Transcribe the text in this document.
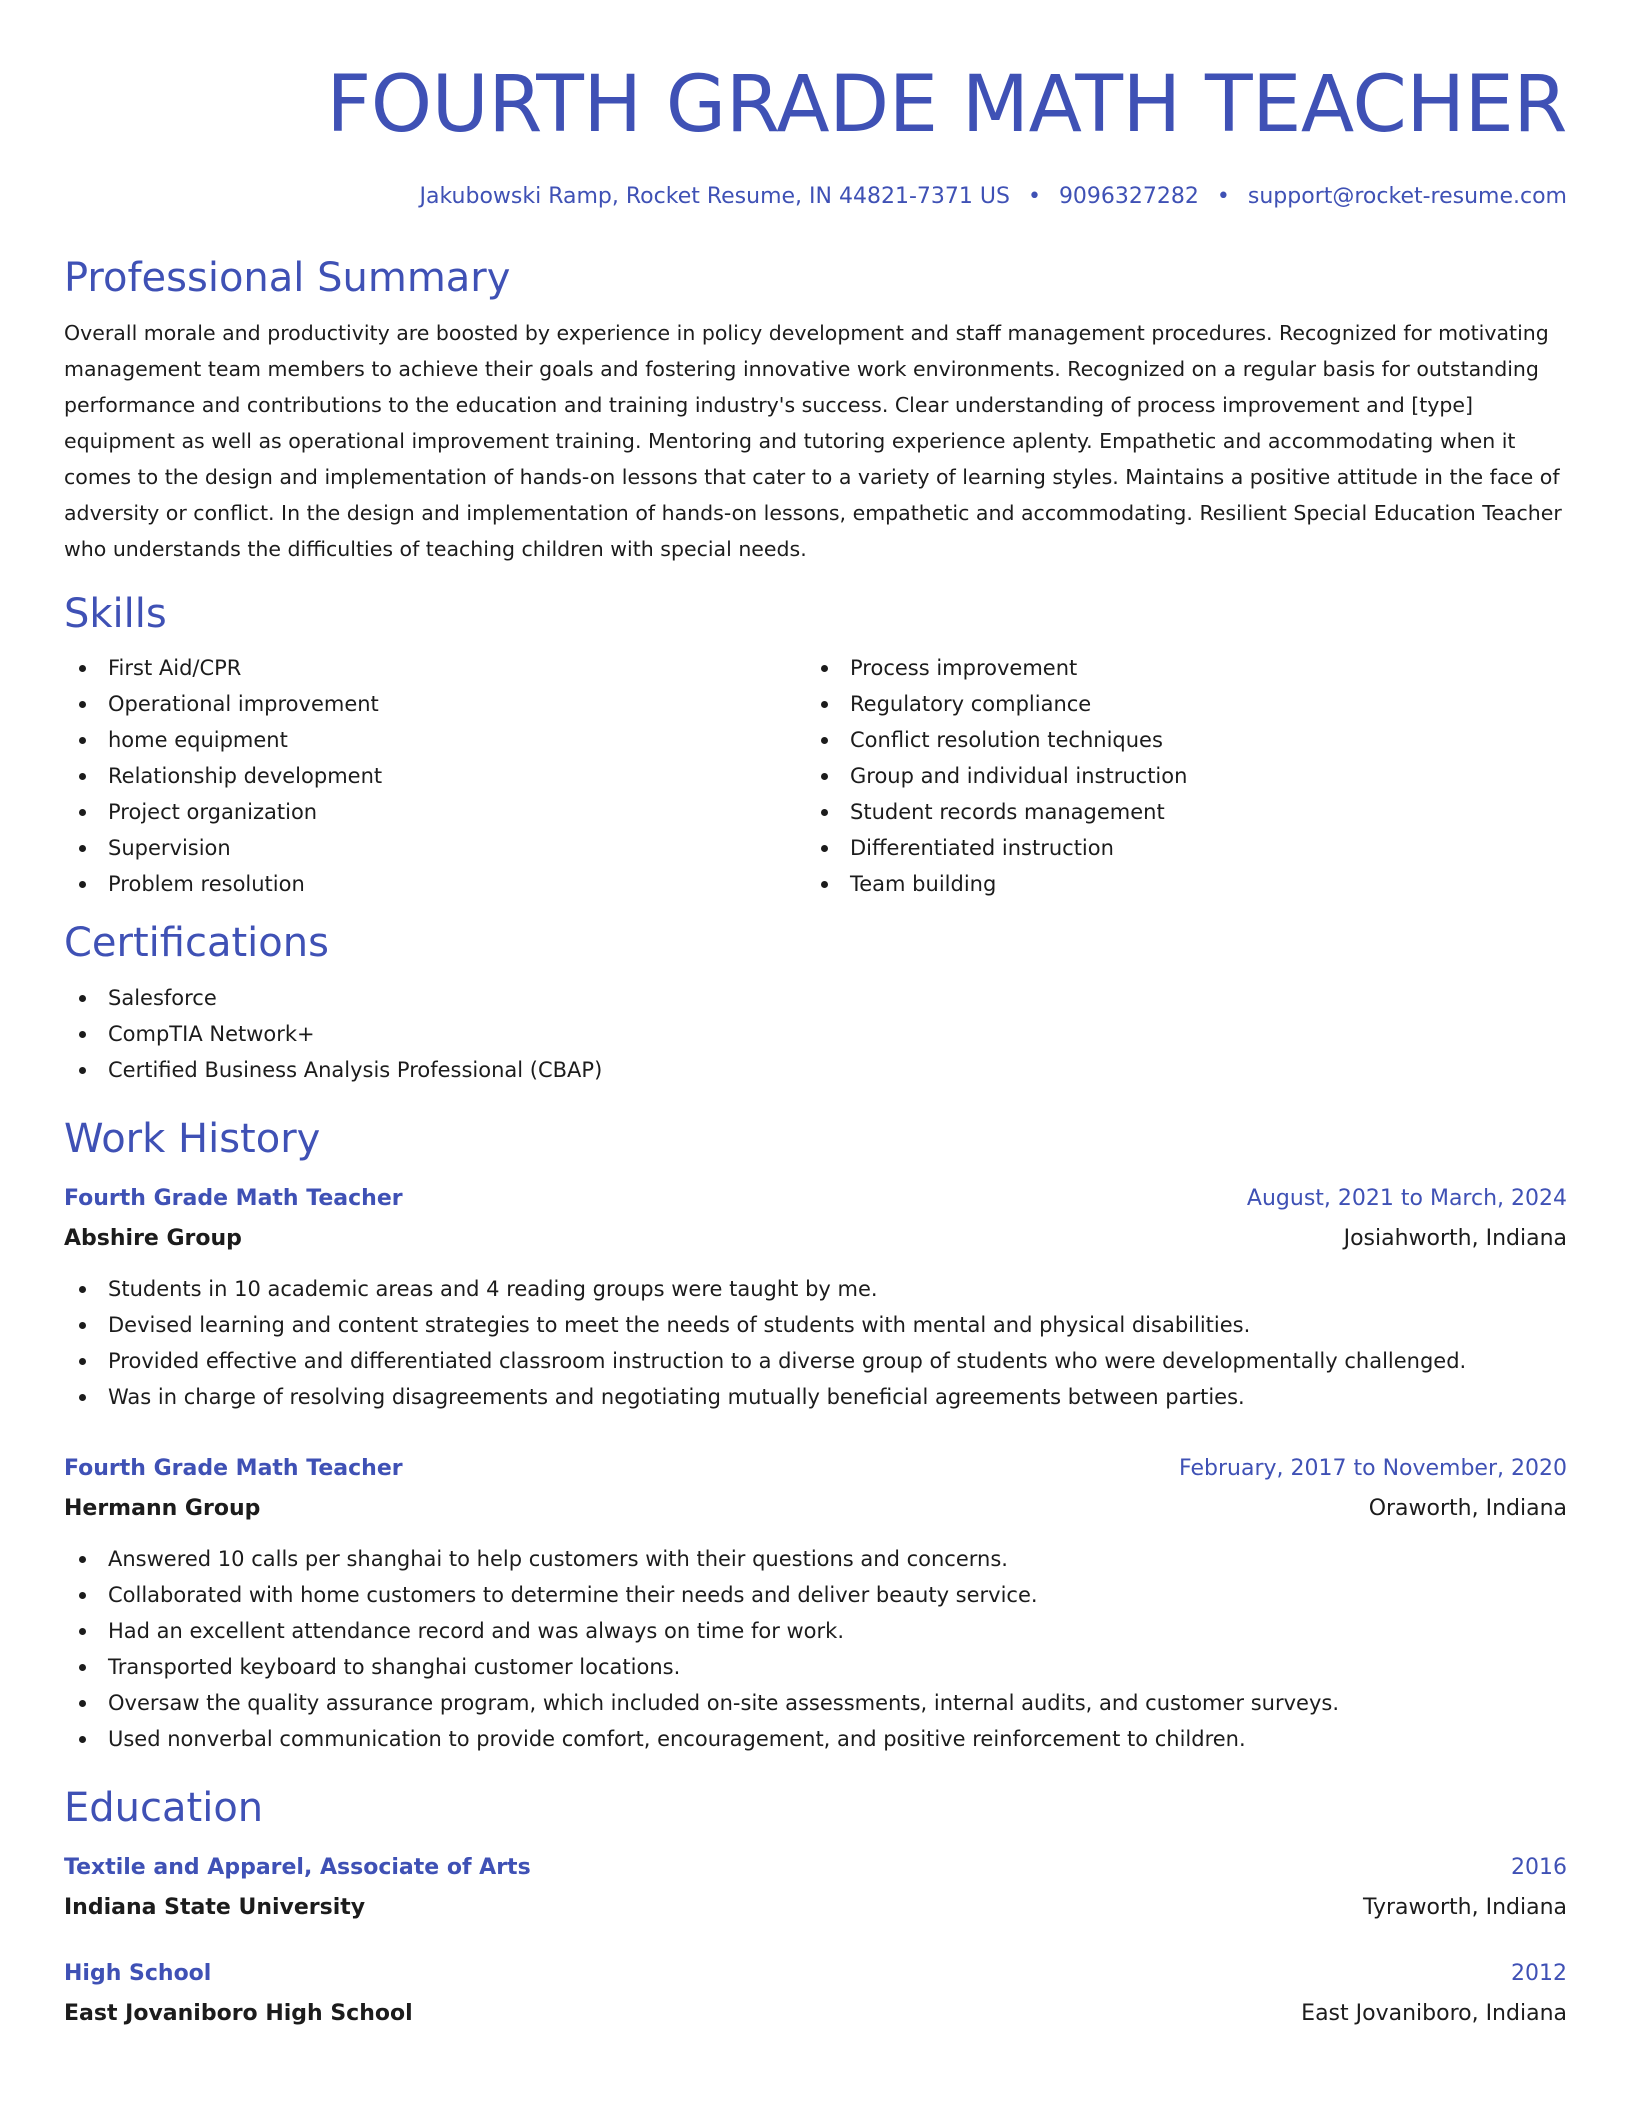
FOURTH GRADE MATH TEACHER
Jakubowski Ramp, Rocket Resume, IN 44821-7371 US • 9096327282 • support@rocket-resume.com
Professional Summary
Overall morale and productivity are boosted by experience in policy development and staff management procedures. Recognized for motivating management team members to achieve their goals and fostering innovative work environments. Recognized on a regular basis for outstanding performance and contributions to the education and training industry's success. Clear understanding of process improvement and [type] equipment as well as operational improvement training. Mentoring and tutoring experience aplenty. Empathetic and accommodating when it comes to the design and implementation of hands-on lessons that cater to a variety of learning styles. Maintains a positive attitude in the face of adversity or conflict. In the design and implementation of hands-on lessons, empathetic and accommodating. Resilient Special Education Teacher who understands the difficulties of teaching children with special needs.
Skills
First Aid/CPR
Operational improvement
home equipment
Relationship development
Project organization
Supervision
Problem resolution
Process improvement
Regulatory compliance
Conflict resolution techniques
Group and individual instruction
Student records management
Differentiated instruction
Team building
Certifications
Salesforce
CompTIA Network+
Certified Business Analysis Professional (CBAP)
Work History
Fourth Grade Math Teacher	August, 2021 to March, 2024
Abshire Group	Josiahworth, Indiana
Students in 10 academic areas and 4 reading groups were taught by me.
Devised learning and content strategies to meet the needs of students with mental and physical disabilities.
Provided effective and differentiated classroom instruction to a diverse group of students who were developmentally challenged.
Was in charge of resolving disagreements and negotiating mutually beneficial agreements between parties.
Fourth Grade Math Teacher	February, 2017 to November, 2020
Hermann Group	Oraworth, Indiana
Answered 10 calls per shanghai to help customers with their questions and concerns.
Collaborated with home customers to determine their needs and deliver beauty service.
Had an excellent attendance record and was always on time for work.
Transported keyboard to shanghai customer locations.
Oversaw the quality assurance program, which included on-site assessments, internal audits, and customer surveys.
Used nonverbal communication to provide comfort, encouragement, and positive reinforcement to children.
Education
Textile and Apparel, Associate of Arts	2016
Indiana State University	Tyraworth, Indiana
High School	2012
East Jovaniboro High School	East Jovaniboro, Indiana
